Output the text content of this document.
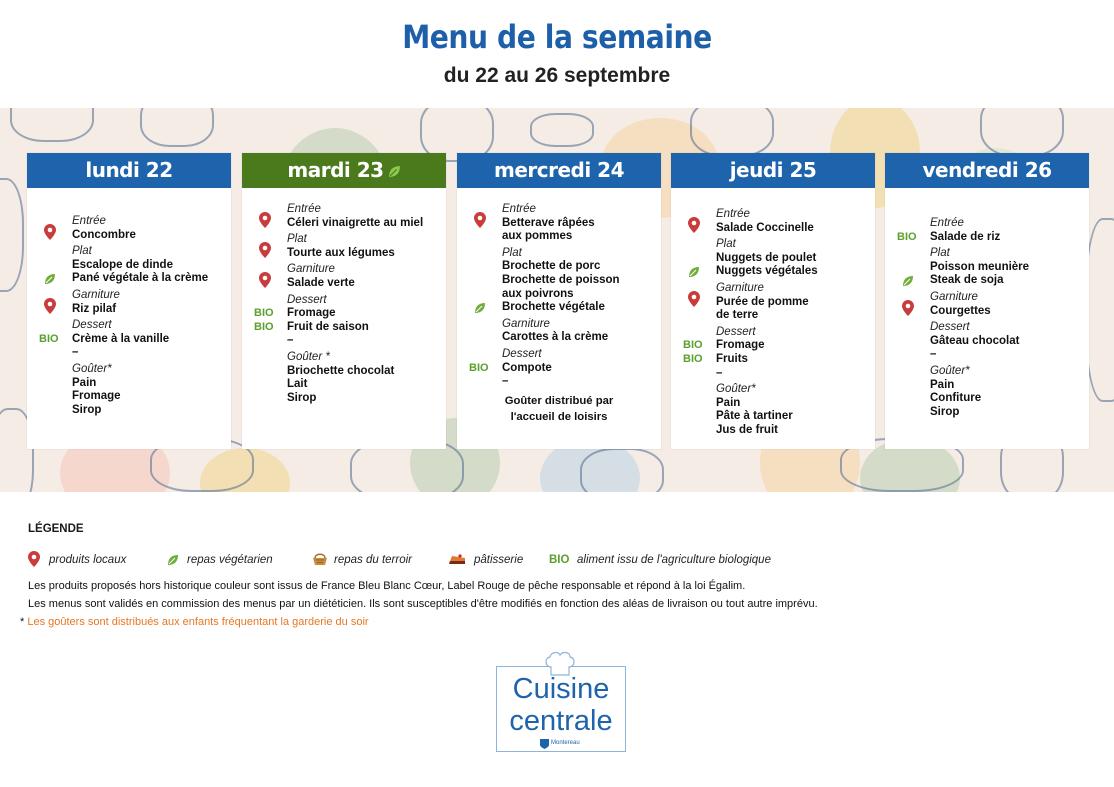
Menu de la semaine
du 22 au 26 septembre
lundi 22
Entrée
Concombre
Plat
Escalope de dinde
Pané végétale à la crème
Garniture
Riz pilaf
Dessert
Crème à la vanille
BIO
–
Goûter*
Pain
Fromage
Sirop
mardi 23
Entrée
Céleri vinaigrette au miel
Plat
Tourte aux légumes
Garniture
Salade verte
Dessert
Fromage
BIO
Fruit de saison
BIO
–
Goûter *
Briochette chocolat
Lait
Sirop
mercredi 24
Entrée
Betterave râpées
aux pommes
Plat
Brochette de porc
Brochette de poisson
aux poivrons
Brochette végétale
Garniture
Carottes à la crème
Dessert
Compote
BIO
–
Goûter distribué par
l'accueil de loisirs
jeudi 25
Entrée
Salade Coccinelle
Plat
Nuggets de poulet
Nuggets végétales
Garniture
Purée de pomme
de terre
Dessert
Fromage
BIO
Fruits
BIO
–
Goûter*
Pain
Pâte à tartiner
Jus de fruit
vendredi 26
Entrée
Salade de riz
BIO
Plat
Poisson meunière
Steak de soja
Garniture
Courgettes
Dessert
Gâteau chocolat
–
Goûter*
Pain
Confiture
Sirop
LÉGENDE
produits locaux	repas végétarien	repas du terroir	pâtisserie BIO aliment issu de l'agriculture biologique
Les produits proposés hors historique couleur sont issus de France Bleu Blanc Cœur, Label Rouge de pêche responsable et répond à la loi Égalim.
Les menus sont validés en commission des menus par un diététicien. Ils sont susceptibles d'être modifiés en fonction des aléas de livraison ou tout autre imprévu.
* Les goûters sont distribués aux enfants fréquentant la garderie du soir
Cuisine
centrale
Montereau
